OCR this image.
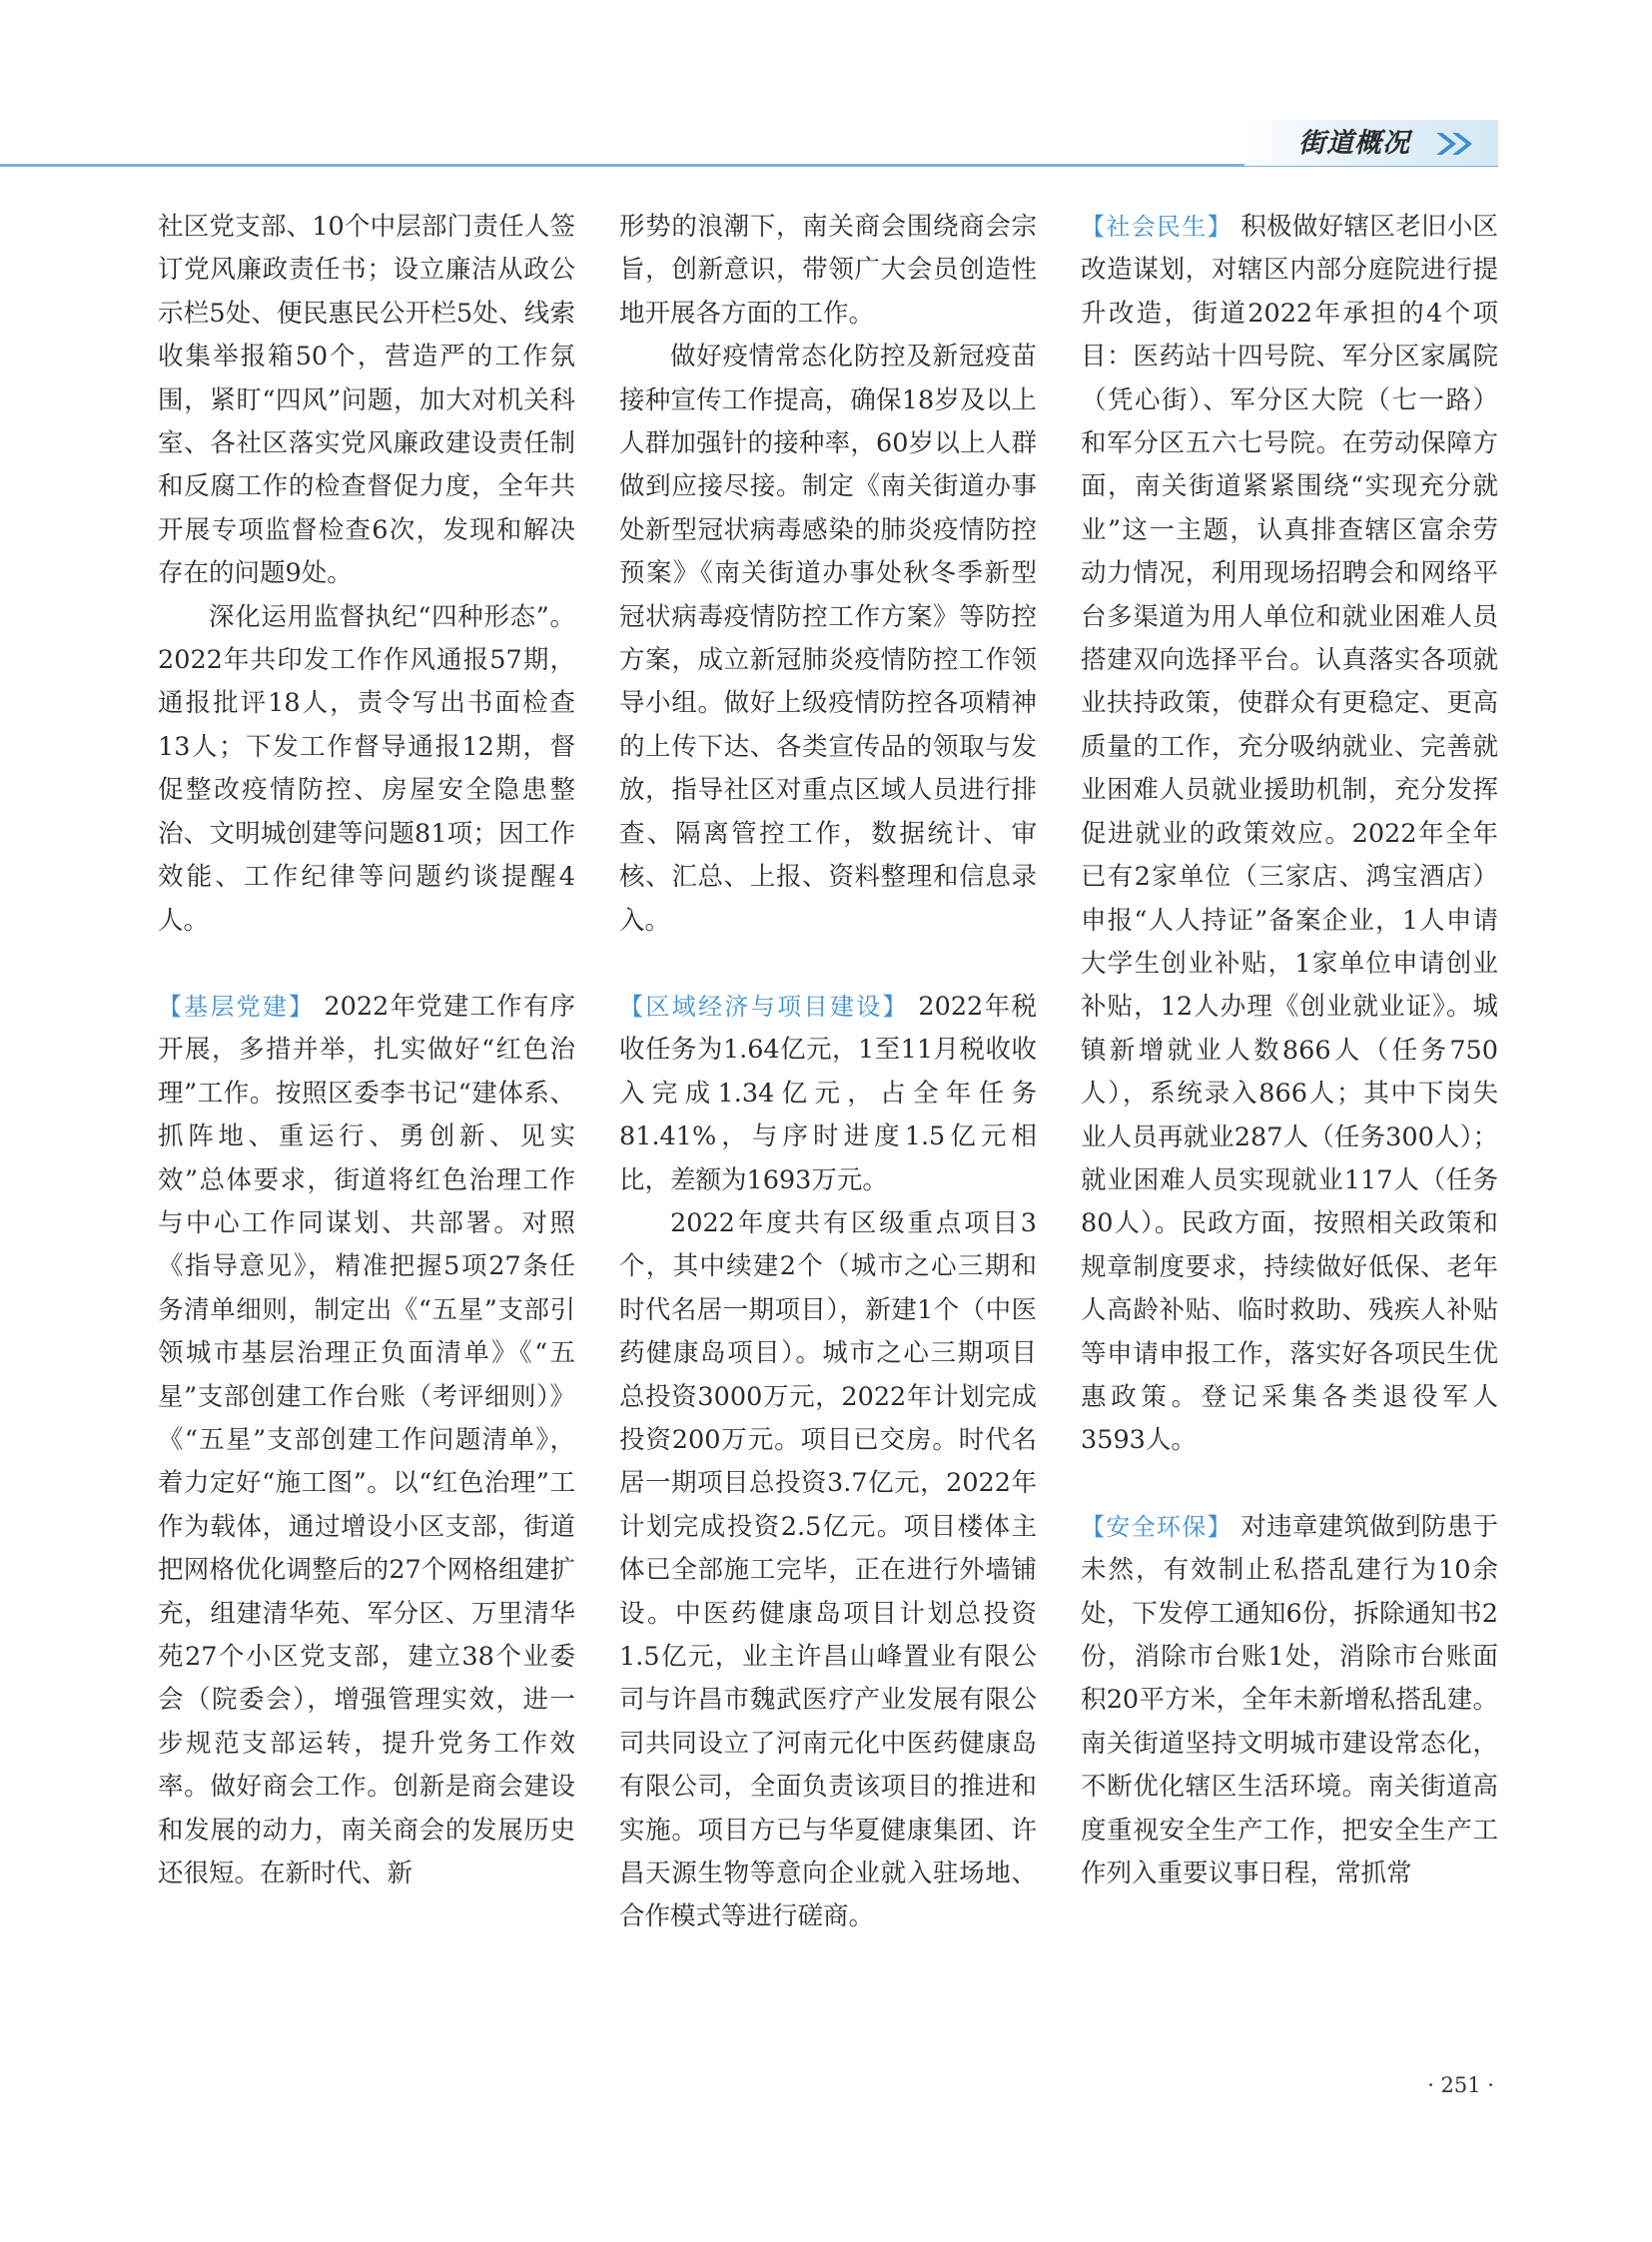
街道概况

社区党支部、10个中层部门责任人签订党风廉政责任书；设立廉洁从政公示栏5处、便民惠民公开栏5处、线索收集举报箱50个，营造严的工作氛围，紧盯“四风”问题，加大对机关科室、各社区落实党风廉政建设责任制和反腐工作的检查督促力度，全年共开展专项监督检查6次，发现和解决存在的问题9处。

深化运用监督执纪“四种形态”。2022年共印发工作作风通报57期，通报批评18人，责令写出书面检查13人；下发工作督导通报12期，督促整改疫情防控、房屋安全隐患整治、文明城创建等问题81项；因工作效能、工作纪律等问题约谈提醒4人。

【基层党建】 2022年党建工作有序开展，多措并举，扎实做好“红色治理”工作。按照区委李书记“建体系、抓阵地、重运行、勇创新、见实效”总体要求，街道将红色治理工作与中心工作同谋划、共部署。对照《指导意见》，精准把握5项27条任务清单细则，制定出《“五星”支部引领城市基层治理正负面清单》《“五星”支部创建工作台账（考评细则）》《“五星”支部创建工作问题清单》，着力定好“施工图”。以“红色治理”工作为载体，通过增设小区支部，街道把网格优化调整后的27个网格组建扩充，组建清华苑、军分区、万里清华苑27个小区党支部，建立38个业委会（院委会），增强管理实效，进一步规范支部运转，提升党务工作效率。做好商会工作。创新是商会建设和发展的动力，南关商会的发展历史还很短。在新时代、新

形势的浪潮下，南关商会围绕商会宗旨，创新意识，带领广大会员创造性地开展各方面的工作。

做好疫情常态化防控及新冠疫苗接种宣传工作提高，确保18岁及以上人群加强针的接种率，60岁以上人群做到应接尽接。制定《南关街道办事处新型冠状病毒感染的肺炎疫情防控预案》《南关街道办事处秋冬季新型冠状病毒疫情防控工作方案》等防控方案，成立新冠肺炎疫情防控工作领导小组。做好上级疫情防控各项精神的上传下达、各类宣传品的领取与发放，指导社区对重点区域人员进行排查、隔离管控工作，数据统计、审核、汇总、上报、资料整理和信息录入。

【区域经济与项目建设】 2022年税收任务为1.64亿元，1至11月税收收入完成1.34亿元，占全年任务81.41%，与序时进度1.5亿元相比，差额为1693万元。

2022年度共有区级重点项目3个，其中续建2个（城市之心三期和时代名居一期项目），新建1个（中医药健康岛项目）。城市之心三期项目总投资3000万元，2022年计划完成投资200万元。项目已交房。时代名居一期项目总投资3.7亿元，2022年计划完成投资2.5亿元。项目楼体主体已全部施工完毕，正在进行外墙铺设。中医药健康岛项目计划总投资1.5亿元，业主许昌山峰置业有限公司与许昌市魏武医疗产业发展有限公司共同设立了河南元化中医药健康岛有限公司，全面负责该项目的推进和实施。项目方已与华夏健康集团、许昌天源生物等意向企业就入驻场地、合作模式等进行磋商。

【社会民生】 积极做好辖区老旧小区改造谋划，对辖区内部分庭院进行提升改造，街道2022年承担的4个项目：医药站十四号院、军分区家属院（凭心街）、军分区大院（七一路）和军分区五六七号院。在劳动保障方面，南关街道紧紧围绕“实现充分就业”这一主题，认真排查辖区富余劳动力情况，利用现场招聘会和网络平台多渠道为用人单位和就业困难人员搭建双向选择平台。认真落实各项就业扶持政策，使群众有更稳定、更高质量的工作，充分吸纳就业、完善就业困难人员就业援助机制，充分发挥促进就业的政策效应。2022年全年已有2家单位（三家店、鸿宝酒店）申报“人人持证”备案企业，1人申请大学生创业补贴，1家单位申请创业补贴，12人办理《创业就业证》。城镇新增就业人数866人（任务750人），系统录入866人；其中下岗失业人员再就业287人（任务300人）；就业困难人员实现就业117人（任务80人）。民政方面，按照相关政策和规章制度要求，持续做好低保、老年人高龄补贴、临时救助、残疾人补贴等申请申报工作，落实好各项民生优惠政策。登记采集各类退役军人3593人。

【安全环保】 对违章建筑做到防患于未然，有效制止私搭乱建行为10余处，下发停工通知6份，拆除通知书2份，消除市台账1处，消除市台账面积20平方米，全年未新增私搭乱建。南关街道坚持文明城市建设常态化，不断优化辖区生活环境。南关街道高度重视安全生产工作，把安全生产工作列入重要议事日程，常抓常

· 251 ·
